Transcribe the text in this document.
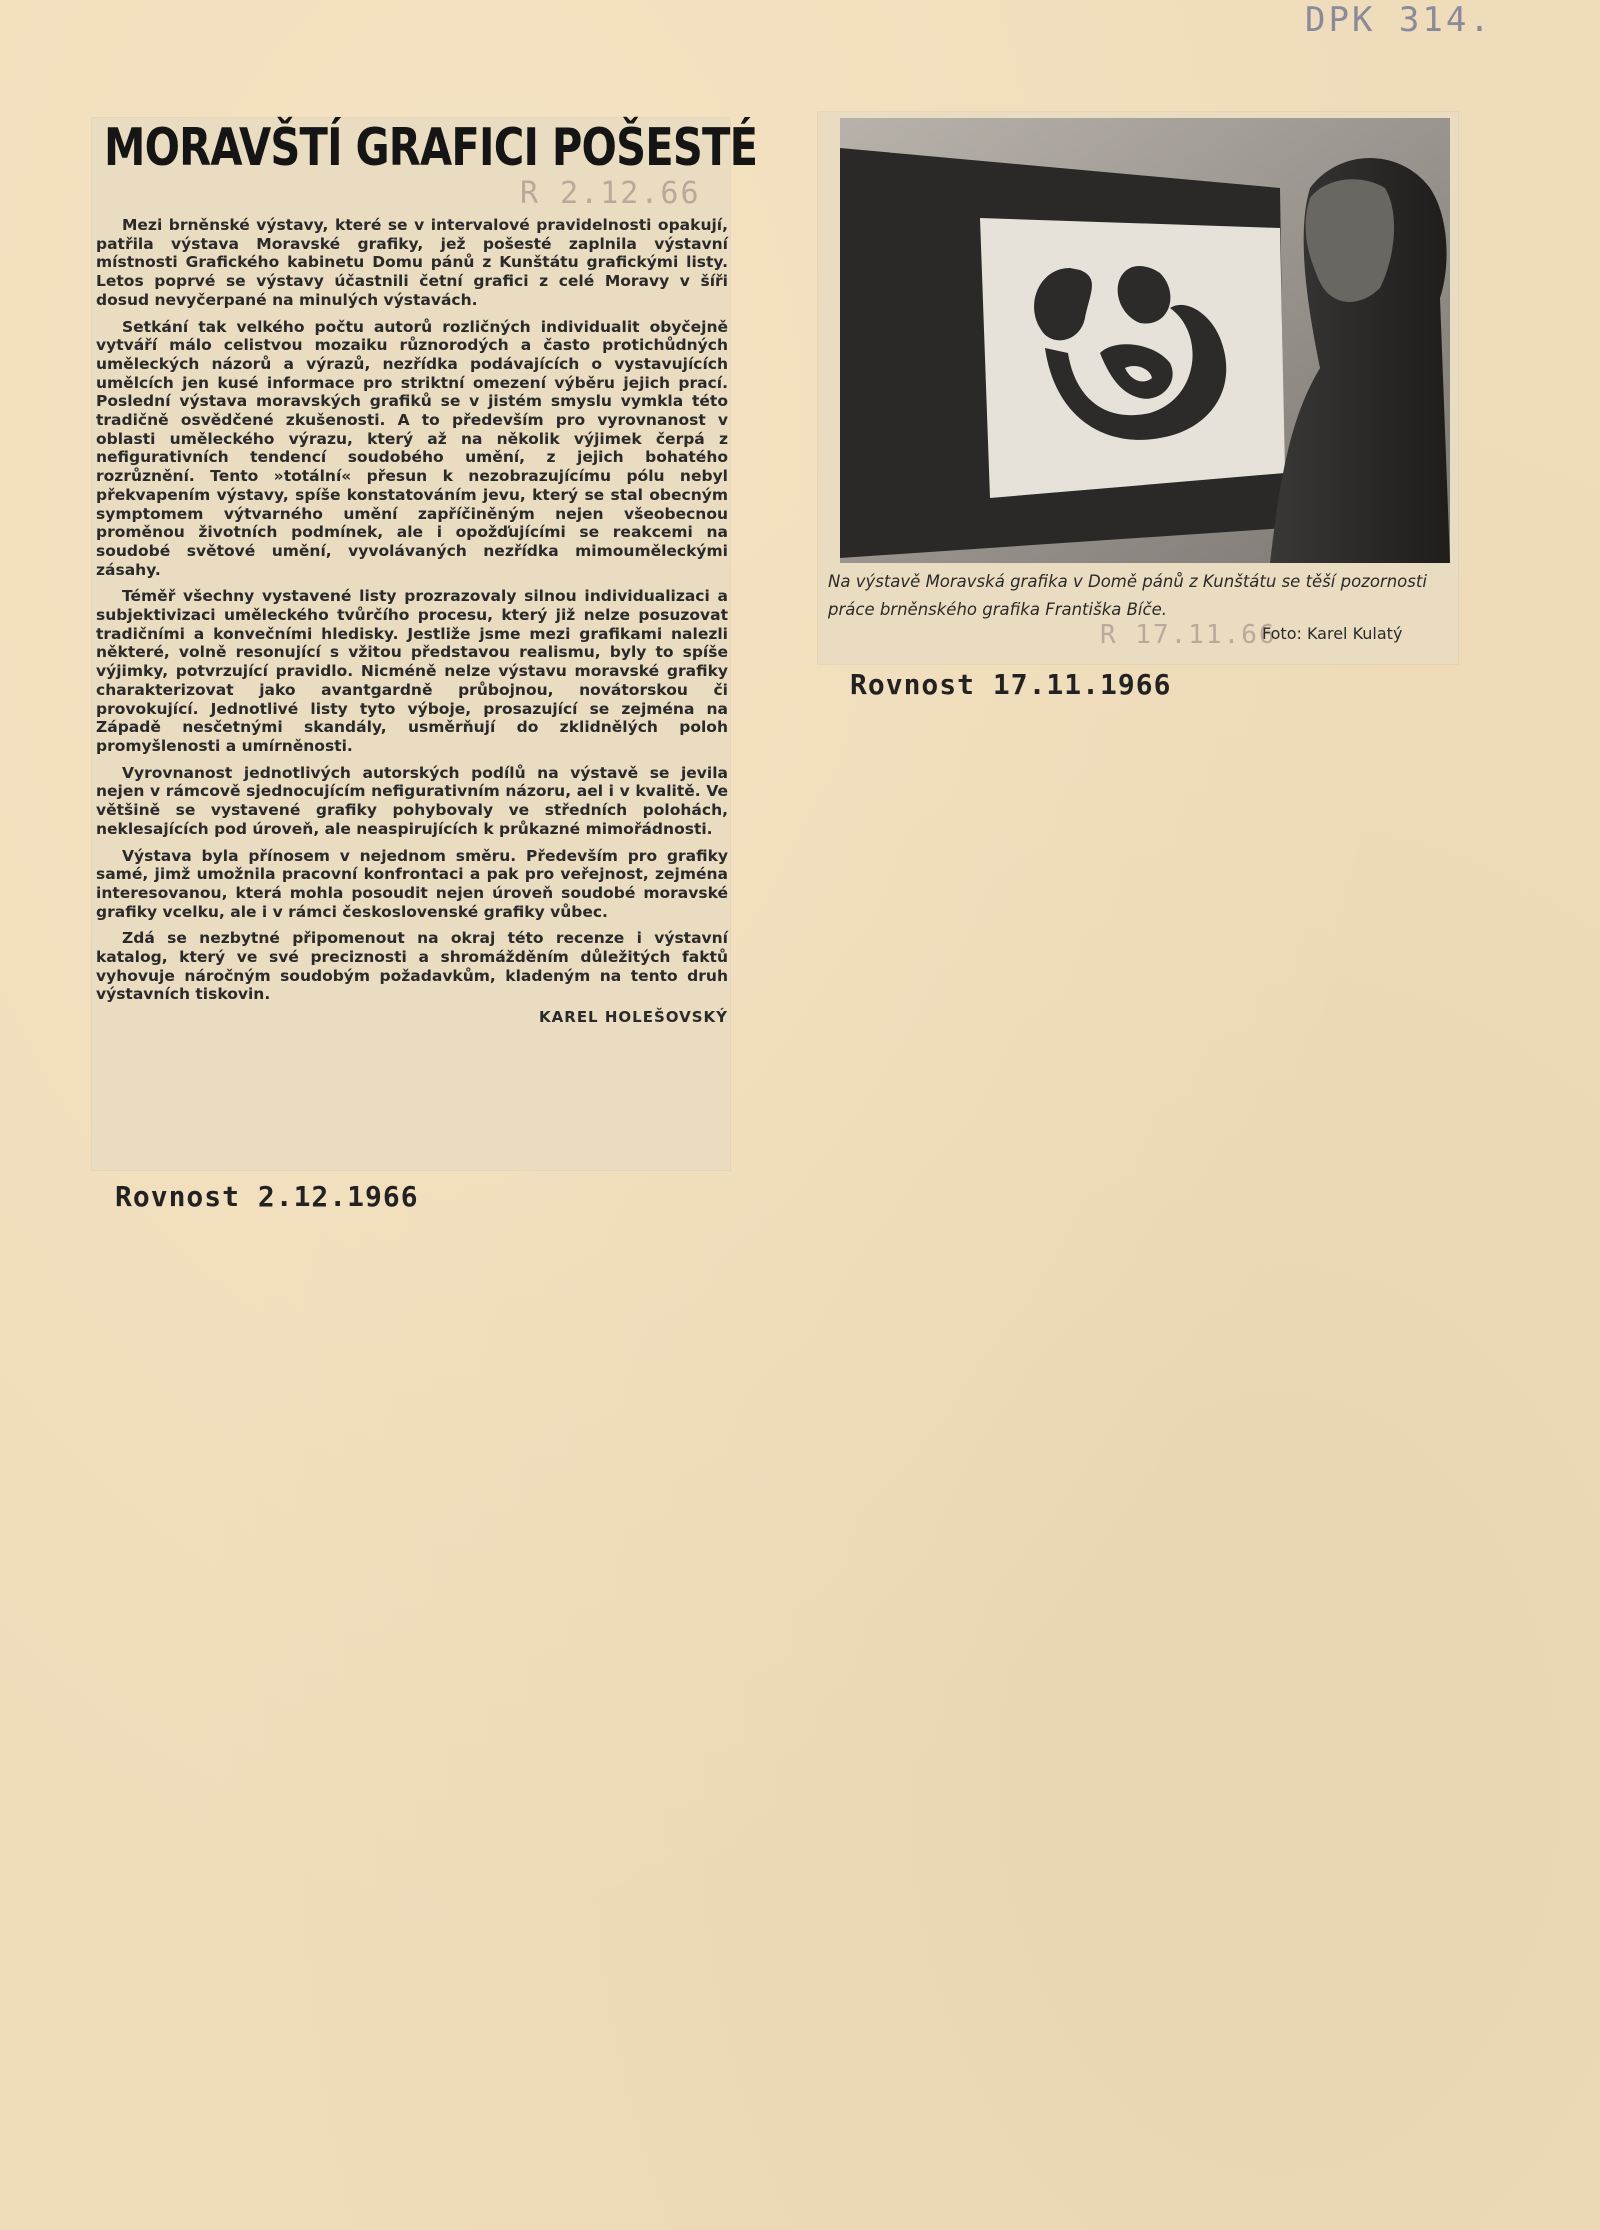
DPK 314.
MORAVŠTÍ GRAFICI POŠESTÉ
R 2.12.66

Mezi brněnské výstavy, které se v intervalové pravidelnosti opakují, patřila výstava Moravské grafiky, jež pošesté zaplnila výstavní místnosti Grafického kabinetu Domu pánů z Kunštátu grafickými listy. Letos poprvé se výstavy účastnili četní grafici z celé Moravy v šíři dosud nevyčerpané na minulých výstavách.

Setkání tak velkého počtu autorů rozličných individualit obyčejně vytváří málo celistvou mozaiku různorodých a často protichůdných uměleckých názorů a výrazů, nezřídka podávajících o vystavujících umělcích jen kusé informace pro striktní omezení výběru jejich prací. Poslední výstava moravských grafiků se v jistém smyslu vymkla této tradičně osvědčené zkušenosti. A to především pro vyrovnanost v oblasti uměleckého výrazu, který až na několik výjimek čerpá z nefigurativních tendencí soudobého umění, z jejich bohatého rozrůznění. Tento »totální« přesun k nezobrazujícímu pólu nebyl překvapením výstavy, spíše konstatováním jevu, který se stal obecným symptomem výtvarného umění zapříčiněným nejen všeobecnou proměnou životních podmínek, ale i opožďujícími se reakcemi na soudobé světové umění, vyvolávaných nezřídka mimouměleckými zásahy.

Téměř všechny vystavené listy prozrazovaly silnou individualizaci a subjektivizaci uměleckého tvůrčího procesu, který již nelze posuzovat tradičními a konvečními hledisky. Jestliže jsme mezi grafikami nalezli některé, volně resonující s vžitou představou realismu, byly to spíše výjimky, potvrzující pravidlo. Nicméně nelze výstavu moravské grafiky charakterizovat jako avantgardně průbojnou, novátorskou či provokující. Jednotlivé listy tyto výboje, prosazující se zejména na Západě nesčetnými skandály, usměrňují do zklidnělých poloh promyšlenosti a umírněnosti.

Vyrovnanost jednotlivých autorských podílů na výstavě se jevila nejen v rámcově sjednocujícím nefigurativním názoru, ael i v kvalitě. Ve většině se vystavené grafiky pohybovaly ve středních polohách, neklesajících pod úroveň, ale neaspirujících k průkazné mimořádnosti.

Výstava byla přínosem v nejednom směru. Především pro grafiky samé, jimž umožnila pracovní konfrontaci a pak pro veřejnost, zejména interesovanou, která mohla posoudit nejen úroveň soudobé moravské grafiky vcelku, ale i v rámci československé grafiky vůbec.

Zdá se nezbytné připomenout na okraj této recenze i výstavní katalog, který ve své preciznosti a shromážděním důležitých faktů vyhovuje náročným soudobým požadavkům, kladeným na tento druh výstavních tiskovin.

KAREL HOLEŠOVSKÝ
Rovnost 2.12.1966
Na výstavě Moravská grafika v Domě pánů z Kunštátu se těší pozornosti práce brněnského grafika Františka Bíče.
R 17.11.66
Foto: Karel Kulatý
Rovnost 17.11.1966
